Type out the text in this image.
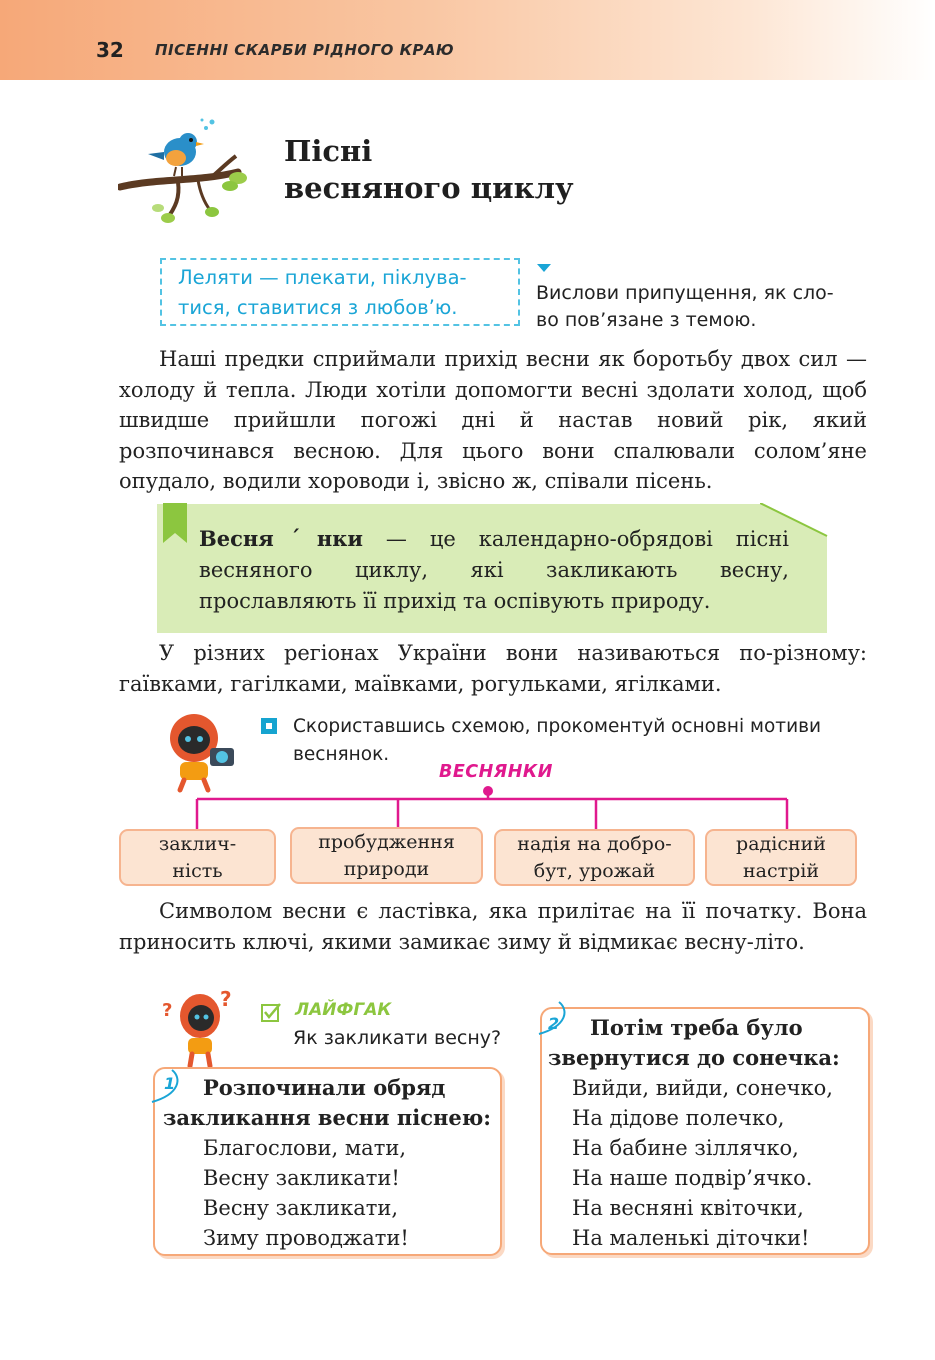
32 ПІСЕННІ СКАРБИ РІДНОГО КРАЮ
Пісні
весняного циклу
Леляти — плекати, піклува-
тися, ставитися з любов’ю.
Вислови припущення, як сло-
во пов’язане з темою.
Наші предки сприймали прихід весни як боротьбу двох сил — холоду й тепла. Люди хотіли допомогти весні здолати холод, щоб швидше прийшли погожі дні й настав новий рік, який розпочинався весною. Для цього вони спалювали солом’яне опудало, водили хороводи і, звісно ж, співали пісень.
Весняˊнки — це календарно-обрядові пісні весняного циклу, які закликають весну, прославляють її прихід та оспівують природу.
У різних регіонах України вони називаються по-різному: гаївками, гагілками, маївками, рогульками, ягілками.
Скориставшись схемою, прокоментуй основні мотиви веснянок.
ВЕСНЯНКИ
заклич-
ність
пробудження
природи
надія на добро-
бут, урожай
радісний
настрій
Символом весни є ластівка, яка прилітає на її початку. Вона приносить ключі, якими замикає зиму й відмикає весну-літо.
? ?	ЛАЙФГАК
Як закликати весну?
1 Розпочинали обряд
закликання весни піснею:
Благослови, мати,
Весну закликати!
Весну закликати,
Зиму проводжати!
2 Потім треба було
звернутися до сонечка:
Вийди, вийди, сонечко,
На дідове полечко,
На бабине зіллячко,
На наше подвір’ячко.
На весняні квіточки,
На маленькі діточки!
